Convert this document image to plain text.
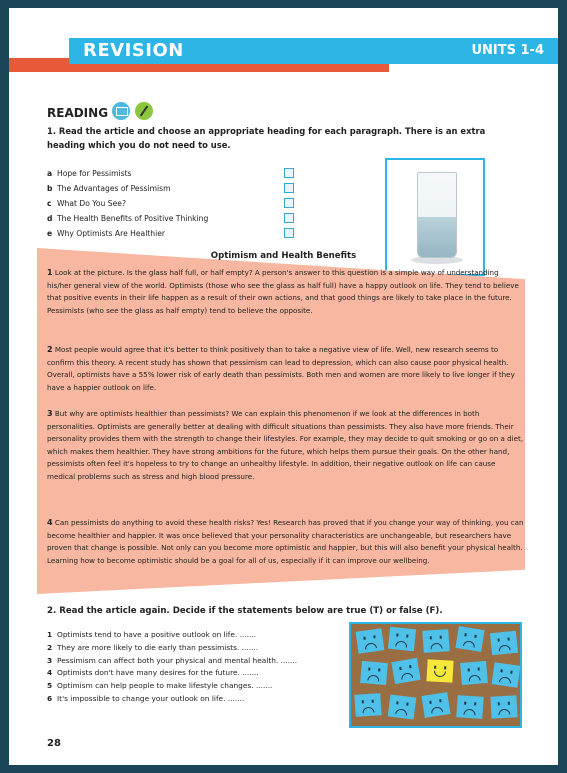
REVISION	UNITS 1-4
READING
1. Read the article and choose an appropriate heading for each paragraph. There is an extra heading which you do not need to use.
a Hope for Pessimists
b The Advantages of Pessimism
c What Do You See?
d The Health Benefits of Positive Thinking
e Why Optimists Are Healthier
Optimism and Health Benefits
1 Look at the picture. Is the glass half full, or half empty? A person's answer to this question is a simple way of understanding his/her general view of the world. Optimists (those who see the glass as half full) have a happy outlook on life. They tend to believe that positive events in their life happen as a result of their own actions, and that good things are likely to take place in the future. Pessimists (who see the glass as half empty) tend to believe the opposite.
2 Most people would agree that it's better to think positively than to take a negative view of life. Well, new research seems to confirm this theory. A recent study has shown that pessimism can lead to depression, which can also cause poor physical health. Overall, optimists have a 55% lower risk of early death than pessimists. Both men and women are more likely to live longer if they have a happier outlook on life.
3 But why are optimists healthier than pessimists? We can explain this phenomenon if we look at the differences in both personalities. Optimists are generally better at dealing with difficult situations than pessimists. They also have more friends. Their personality provides them with the strength to change their lifestyles. For example, they may decide to quit smoking or go on a diet, which makes them healthier. They have strong ambitions for the future, which helps them pursue their goals. On the other hand, pessimists often feel it's hopeless to try to change an unhealthy lifestyle. In addition, their negative outlook on life can cause medical problems such as stress and high blood pressure.
4 Can pessimists do anything to avoid these health risks? Yes! Research has proved that if you change your way of thinking, you can become healthier and happier. It was once believed that your personality characteristics are unchangeable, but researchers have proven that change is possible. Not only can you become more optimistic and happier, but this will also benefit your physical health. Learning how to become optimistic should be a goal for all of us, especially if it can improve our wellbeing.
2. Read the article again. Decide if the statements below are true (T) or false (F).
1 Optimists tend to have a positive outlook on life. .......
2 They are more likely to die early than pessimists. .......
3 Pessimism can affect both your physical and mental health. .......
4 Optimists don't have many desires for the future. .......
5 Optimism can help people to make lifestyle changes. .......
6 It's impossible to change your outlook on life. .......
28
